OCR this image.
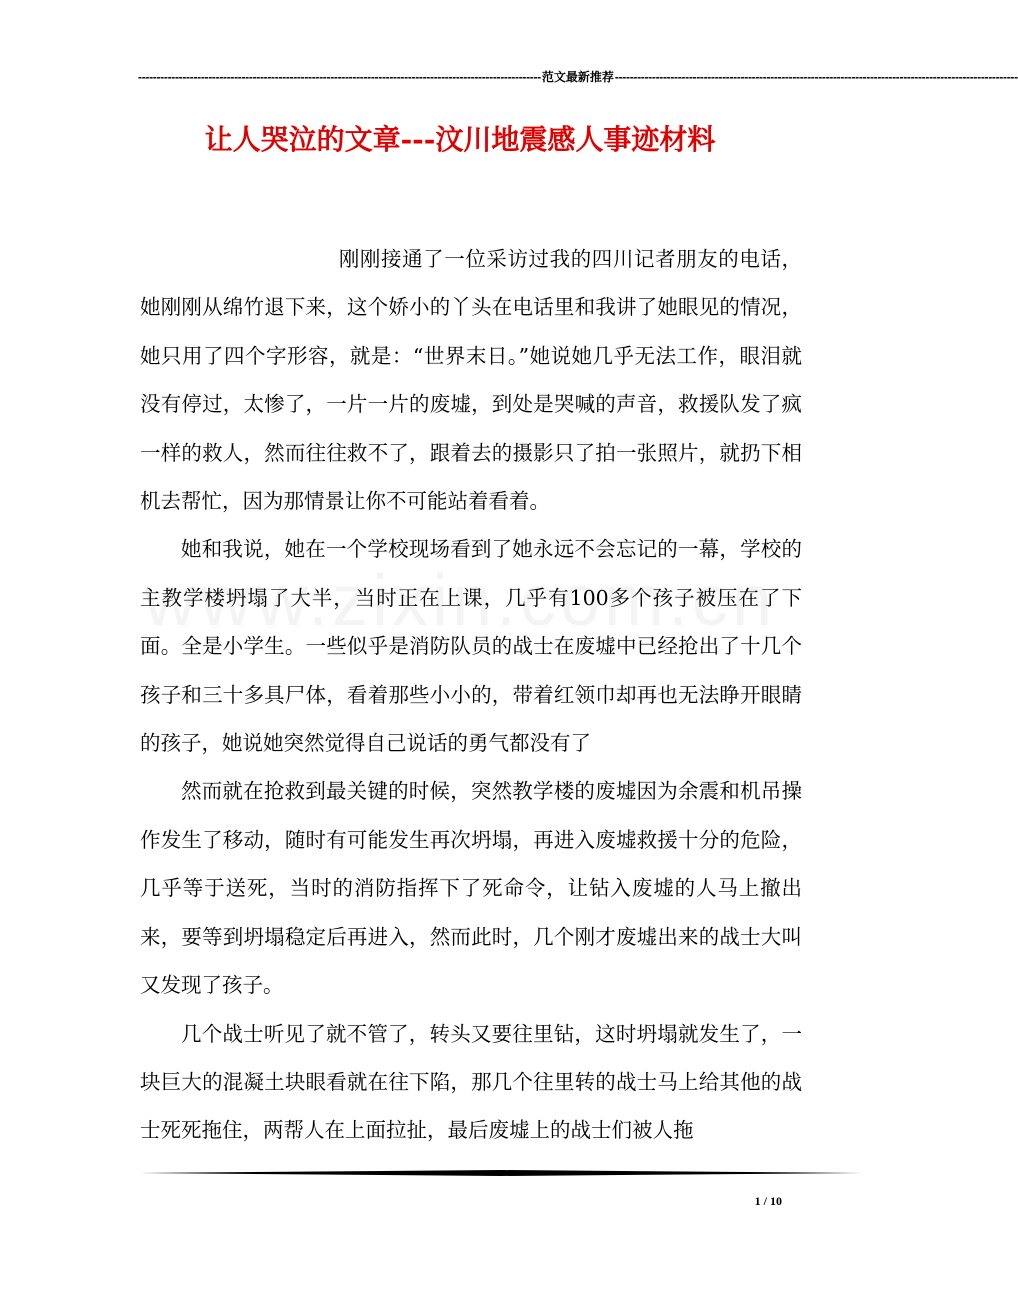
------------------------------------------------------------------------------------------------------------- 范文最新推荐 -------------------------------------------------------------------------------------------------------------
让人哭泣的文章---汶川地震感人事迹材料

刚刚接通了一位采访过我的四川记者朋友的电话，她刚刚从绵竹退下来，这个娇小的丫头在电话里和我讲了她眼见的情况，她只用了四个字形容，就是：“世界末日。”她说她几乎无法工作，眼泪就没有停过，太惨了，一片一片的废墟，到处是哭喊的声音，救援队发了疯一样的救人，然而往往救不了，跟着去的摄影只了拍一张照片，就扔下相机去帮忙，因为那情景让你不可能站着看着。

她和我说，她在一个学校现场看到了她永远不会忘记的一幕，学校的主教学楼坍塌了大半，当时正在上课，几乎有100多个孩子被压在了下面。全是小学生。一些似乎是消防队员的战士在废墟中已经抢出了十几个孩子和三十多具尸体，看着那些小小的，带着红领巾却再也无法睁开眼睛的孩子，她说她突然觉得自己说话的勇气都没有了

然而就在抢救到最关键的时候，突然教学楼的废墟因为余震和机吊操作发生了移动，随时有可能发生再次坍塌，再进入废墟救援十分的危险，几乎等于送死，当时的消防指挥下了死命令，让钻入废墟的人马上撤出来，要等到坍塌稳定后再进入，然而此时，几个刚才废墟出来的战士大叫又发现了孩子。

几个战士听见了就不管了，转头又要往里钻，这时坍塌就发生了，一块巨大的混凝土块眼看就在往下陷，那几个往里转的战士马上给其他的战士死死拖住，两帮人在上面拉扯，最后废墟上的战士们被人拖

1 / 10
